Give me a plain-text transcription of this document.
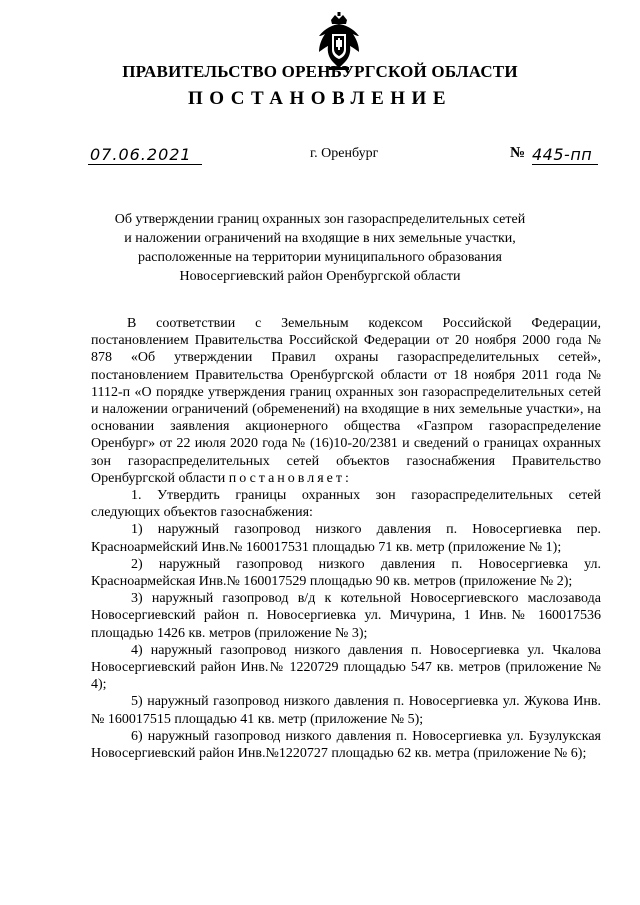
ПРАВИТЕЛЬСТВО ОРЕНБУРГСКОЙ ОБЛАСТИ
ПОСТАНОВЛЕНИЕ
07.06.2021	г. Оренбург	№ 445-пп
Об утверждении границ охранных зон газораспределительных сетей
и наложении ограничений на входящие в них земельные участки,
расположенные на территории муниципального образования
Новосергиевский район Оренбургской области

В соответствии с Земельным кодексом Российской Федерации, постановлением Правительства Российской Федерации от 20 ноября 2000 года № 878 «Об утверждении Правил охраны газораспределительных сетей», постановлением Правительства Оренбургской области от 18 ноября 2011 года № 1112-п «О порядке утверждения границ охранных зон газораспределительных сетей и наложении ограничений (обременений) на входящие в них земельные участки», на основании заявления акционерного общества «Газпром газораспределение Оренбург» от 22 июля 2020 года № (16)10-20/2381 и сведений о границах охранных зон газораспределительных сетей объектов газоснабжения Правительство Оренбургской области постановляет:

1. Утвердить границы охранных зон газораспределительных сетей следующих объектов газоснабжения:

1) наружный газопровод низкого давления п. Новосергиевка пер. Красноармейский Инв.№ 160017531 площадью 71 кв. метр (приложение № 1);

2) наружный газопровод низкого давления п. Новосергиевка ул. Красноармейская Инв.№ 160017529 площадью 90 кв. метров (приложение № 2);

3) наружный газопровод в/д к котельной Новосергиевского маслозавода Новосергиевский район п. Новосергиевка ул. Мичурина, 1 Инв.№ 160017536 площадью 1426 кв. метров (приложение № 3);

4) наружный газопровод низкого давления п. Новосергиевка ул. Чкалова Новосергиевский район Инв.№ 1220729 площадью 547 кв. метров (приложение № 4);

5) наружный газопровод низкого давления п. Новосергиевка ул. Жукова Инв.№ 160017515 площадью 41 кв. метр (приложение № 5);

6) наружный газопровод низкого давления п. Новосергиевка ул. Бузулукская Новосергиевский район Инв.№1220727 площадью 62 кв. метра (приложение № 6);
